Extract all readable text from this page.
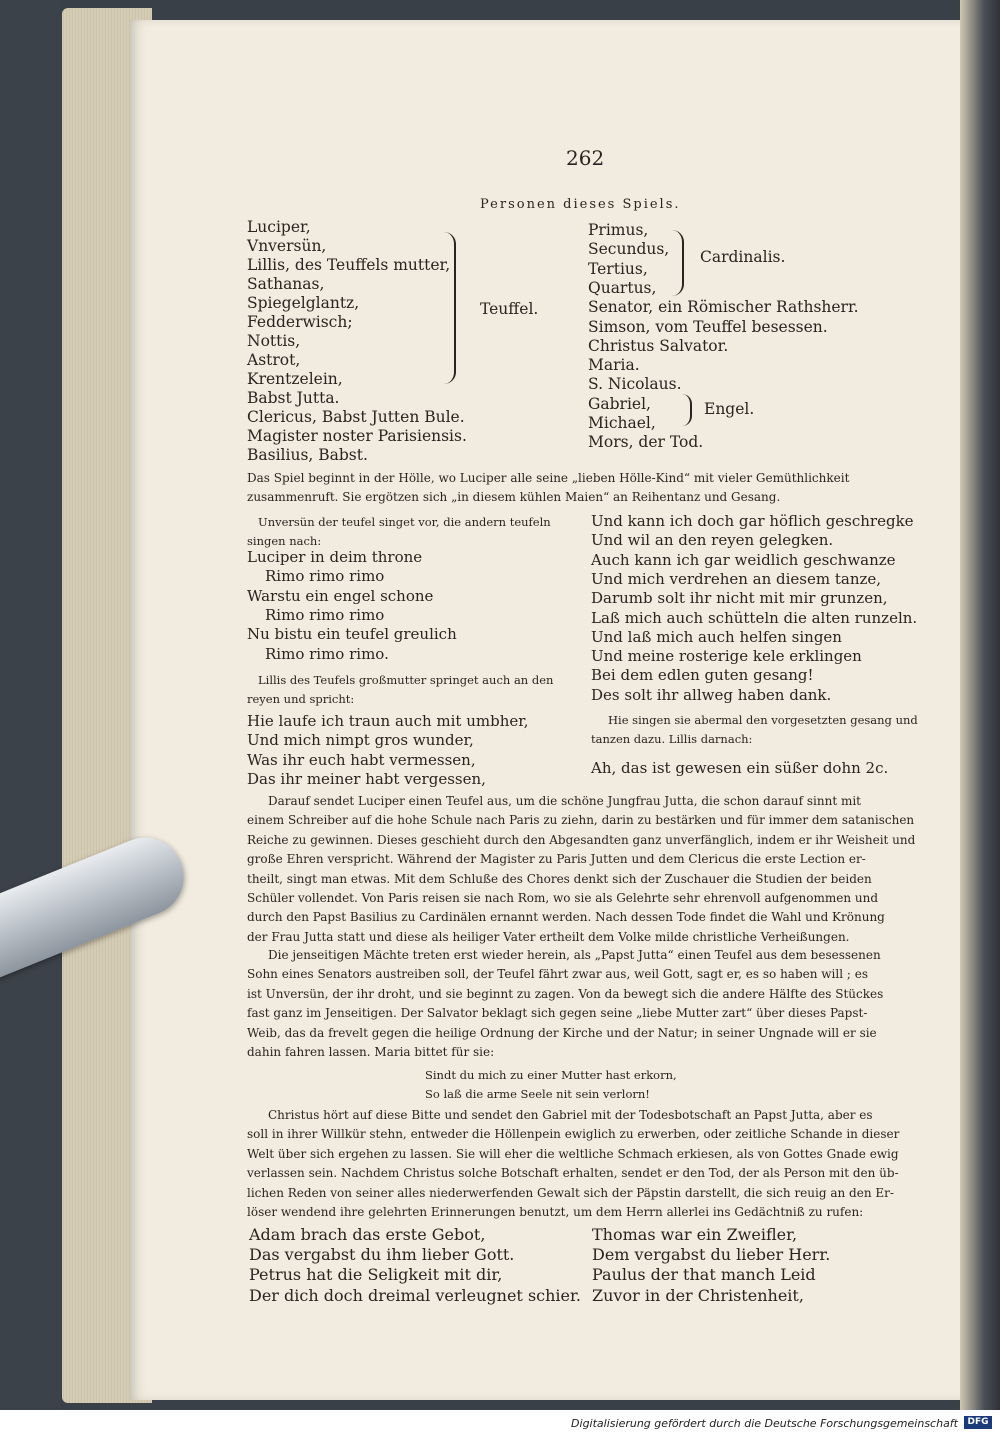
262
Personen dieses Spiels.
Luciper,
Vnversün,
Lillis, des Teuffels mutter,
Sathanas,
Spiegelglantz,
Fedderwisch;
Nottis,
Astrot,
Krentzelein,
Babst Jutta.
Clericus, Babst Jutten Bule.
Magister noster Parisiensis.
Basilius, Babst.
Teuffel.
Primus,
Secundus,
Tertius,
Quartus,
Senator, ein Römischer Rathsherr.
Simson, vom Teuffel besessen.
Christus Salvator.
Maria.
S. Nicolaus.
Gabriel,
Michael,
Mors, der Tod.
Cardinalis.
Engel.
Das Spiel beginnt in der Hölle, wo Luciper alle seine „lieben Hölle-Kind“ mit vieler Gemüthlichkeit
zusammenruft. Sie ergötzen sich „in diesem kühlen Maien“ an Reihentanz und Gesang.
Unversün der teufel singet vor, die andern teufeln
singen nach:
Luciper in deim throne
Rimo rimo rimo
Warstu ein engel schone
Rimo rimo rimo
Nu bistu ein teufel greulich
Rimo rimo rimo.
Lillis des Teufels großmutter springet auch an den
reyen und spricht:
Hie laufe ich traun auch mit umbher,
Und mich nimpt gros wunder,
Was ihr euch habt vermessen,
Das ihr meiner habt vergessen,
Und kann ich doch gar höflich geschregke
Und wil an den reyen gelegken.
Auch kann ich gar weidlich geschwanze
Und mich verdrehen an diesem tanze,
Darumb solt ihr nicht mit mir grunzen,
Laß mich auch schütteln die alten runzeln.
Und laß mich auch helfen singen
Und meine rosterige kele erklingen
Bei dem edlen guten gesang!
Des solt ihr allweg haben dank.
Hie singen sie abermal den vorgesetzten gesang und
tanzen dazu. Lillis darnach:
Ah, das ist gewesen ein süßer dohn 2c.
Darauf sendet Luciper einen Teufel aus, um die schöne Jungfrau Jutta, die schon darauf sinnt mit
einem Schreiber auf die hohe Schule nach Paris zu ziehn, darin zu bestärken und für immer dem satanischen
Reiche zu gewinnen. Dieses geschieht durch den Abgesandten ganz unverfänglich, indem er ihr Weisheit und
große Ehren verspricht. Während der Magister zu Paris Jutten und dem Clericus die erste Lection er-
theilt, singt man etwas. Mit dem Schluße des Chores denkt sich der Zuschauer die Studien der beiden
Schüler vollendet. Von Paris reisen sie nach Rom, wo sie als Gelehrte sehr ehrenvoll aufgenommen und
durch den Papst Basilius zu Cardinälen ernannt werden. Nach dessen Tode findet die Wahl und Krönung
der Frau Jutta statt und diese als heiliger Vater ertheilt dem Volke milde christliche Verheißungen.
Die jenseitigen Mächte treten erst wieder herein, als „Papst Jutta“ einen Teufel aus dem besessenen
Sohn eines Senators austreiben soll, der Teufel fährt zwar aus, weil Gott, sagt er, es so haben will ; es
ist Unversün, der ihr droht, und sie beginnt zu zagen. Von da bewegt sich die andere Hälfte des Stückes
fast ganz im Jenseitigen. Der Salvator beklagt sich gegen seine „liebe Mutter zart“ über dieses Papst-
Weib, das da frevelt gegen die heilige Ordnung der Kirche und der Natur; in seiner Ungnade will er sie
dahin fahren lassen. Maria bittet für sie:
Sindt du mich zu einer Mutter hast erkorn,
So laß die arme Seele nit sein verlorn!
Christus hört auf diese Bitte und sendet den Gabriel mit der Todesbotschaft an Papst Jutta, aber es
soll in ihrer Willkür stehn, entweder die Höllenpein ewiglich zu erwerben, oder zeitliche Schande in dieser
Welt über sich ergehen zu lassen. Sie will eher die weltliche Schmach erkiesen, als von Gottes Gnade ewig
verlassen sein. Nachdem Christus solche Botschaft erhalten, sendet er den Tod, der als Person mit den üb-
lichen Reden von seiner alles niederwerfenden Gewalt sich der Päpstin darstellt, die sich reuig an den Er-
löser wendend ihre gelehrten Erinnerungen benutzt, um dem Herrn allerlei ins Gedächtniß zu rufen:
Adam brach das erste Gebot,
Das vergabst du ihm lieber Gott.
Petrus hat die Seligkeit mit dir,
Der dich doch dreimal verleugnet schier.
Thomas war ein Zweifler,
Dem vergabst du lieber Herr.
Paulus der that manch Leid
Zuvor in der Christenheit,
Digitalisierung gefördert durch die Deutsche Forschungsgemeinschaft	DFG
